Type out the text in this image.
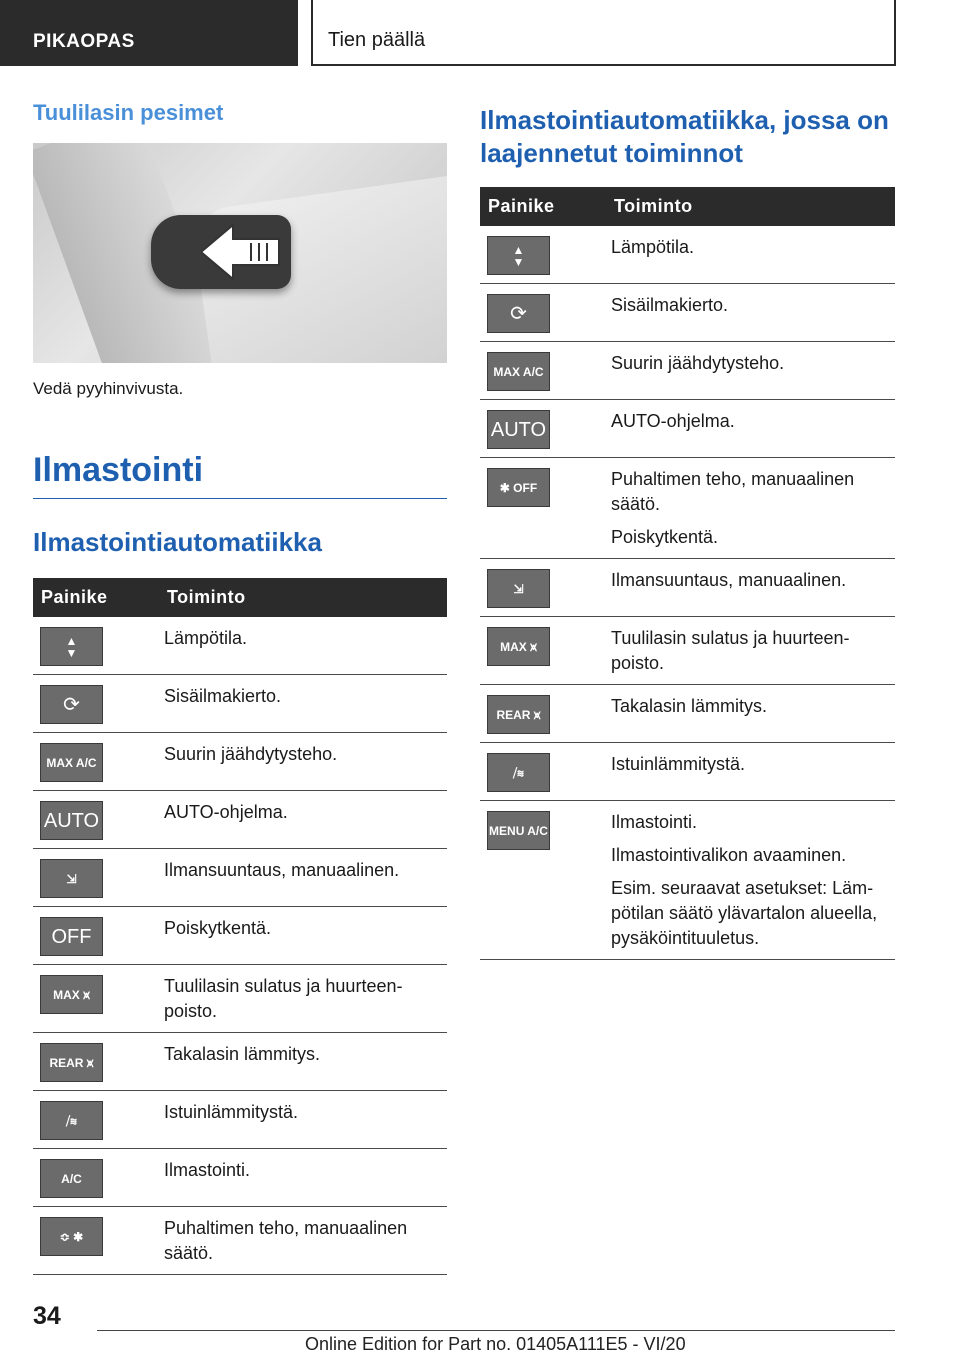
PIKAOPAS	Tien päällä
Tuulilasin pesimet
Vedä pyyhinvivusta.
Ilmastointi
Ilmastointiautomatiikka
Painike	Toiminto

▲
▼	Lämpötila.

⟳	Sisäilmakierto.

MAX A/C	Suurin jäähdytysteho.

AUTO	AUTO-ohjelma.

⇲	Ilmansuuntaus, manuaalinen.

OFF	Poiskytkentä.

MAX ⩙	Tuulilasin sulatus ja huurteen-poisto.

REAR ⩙	Takalasin lämmitys.

⧸≋	Istuinlämmitystä.

A/C	Ilmastointi.

≎ ✱	Puhaltimen teho, manuaalinen säätö.

Ilmastointiautomatiikka, jossa on laajennetut toiminnot
Painike	Toiminto

▲
▼	Lämpötila.

⟳	Sisäilmakierto.

MAX A/C	Suurin jäähdytysteho.

AUTO	AUTO-ohjelma.

✱ OFF	Puhaltimen teho, manuaalinen säätö.

Poiskytkentä.

⇲	Ilmansuuntaus, manuaalinen.

MAX ⩙	Tuulilasin sulatus ja huurteen-poisto.

REAR ⩙	Takalasin lämmitys.

⧸≋	Istuinlämmitystä.

MENU A/C	Ilmastointi.

Ilmastointivalikon avaaminen.

Esim. seuraavat asetukset: Läm-pötilan säätö ylävartalon alueella, pysäköintituuletus.

34
Online Edition for Part no. 01405A111E5 - VI/20
